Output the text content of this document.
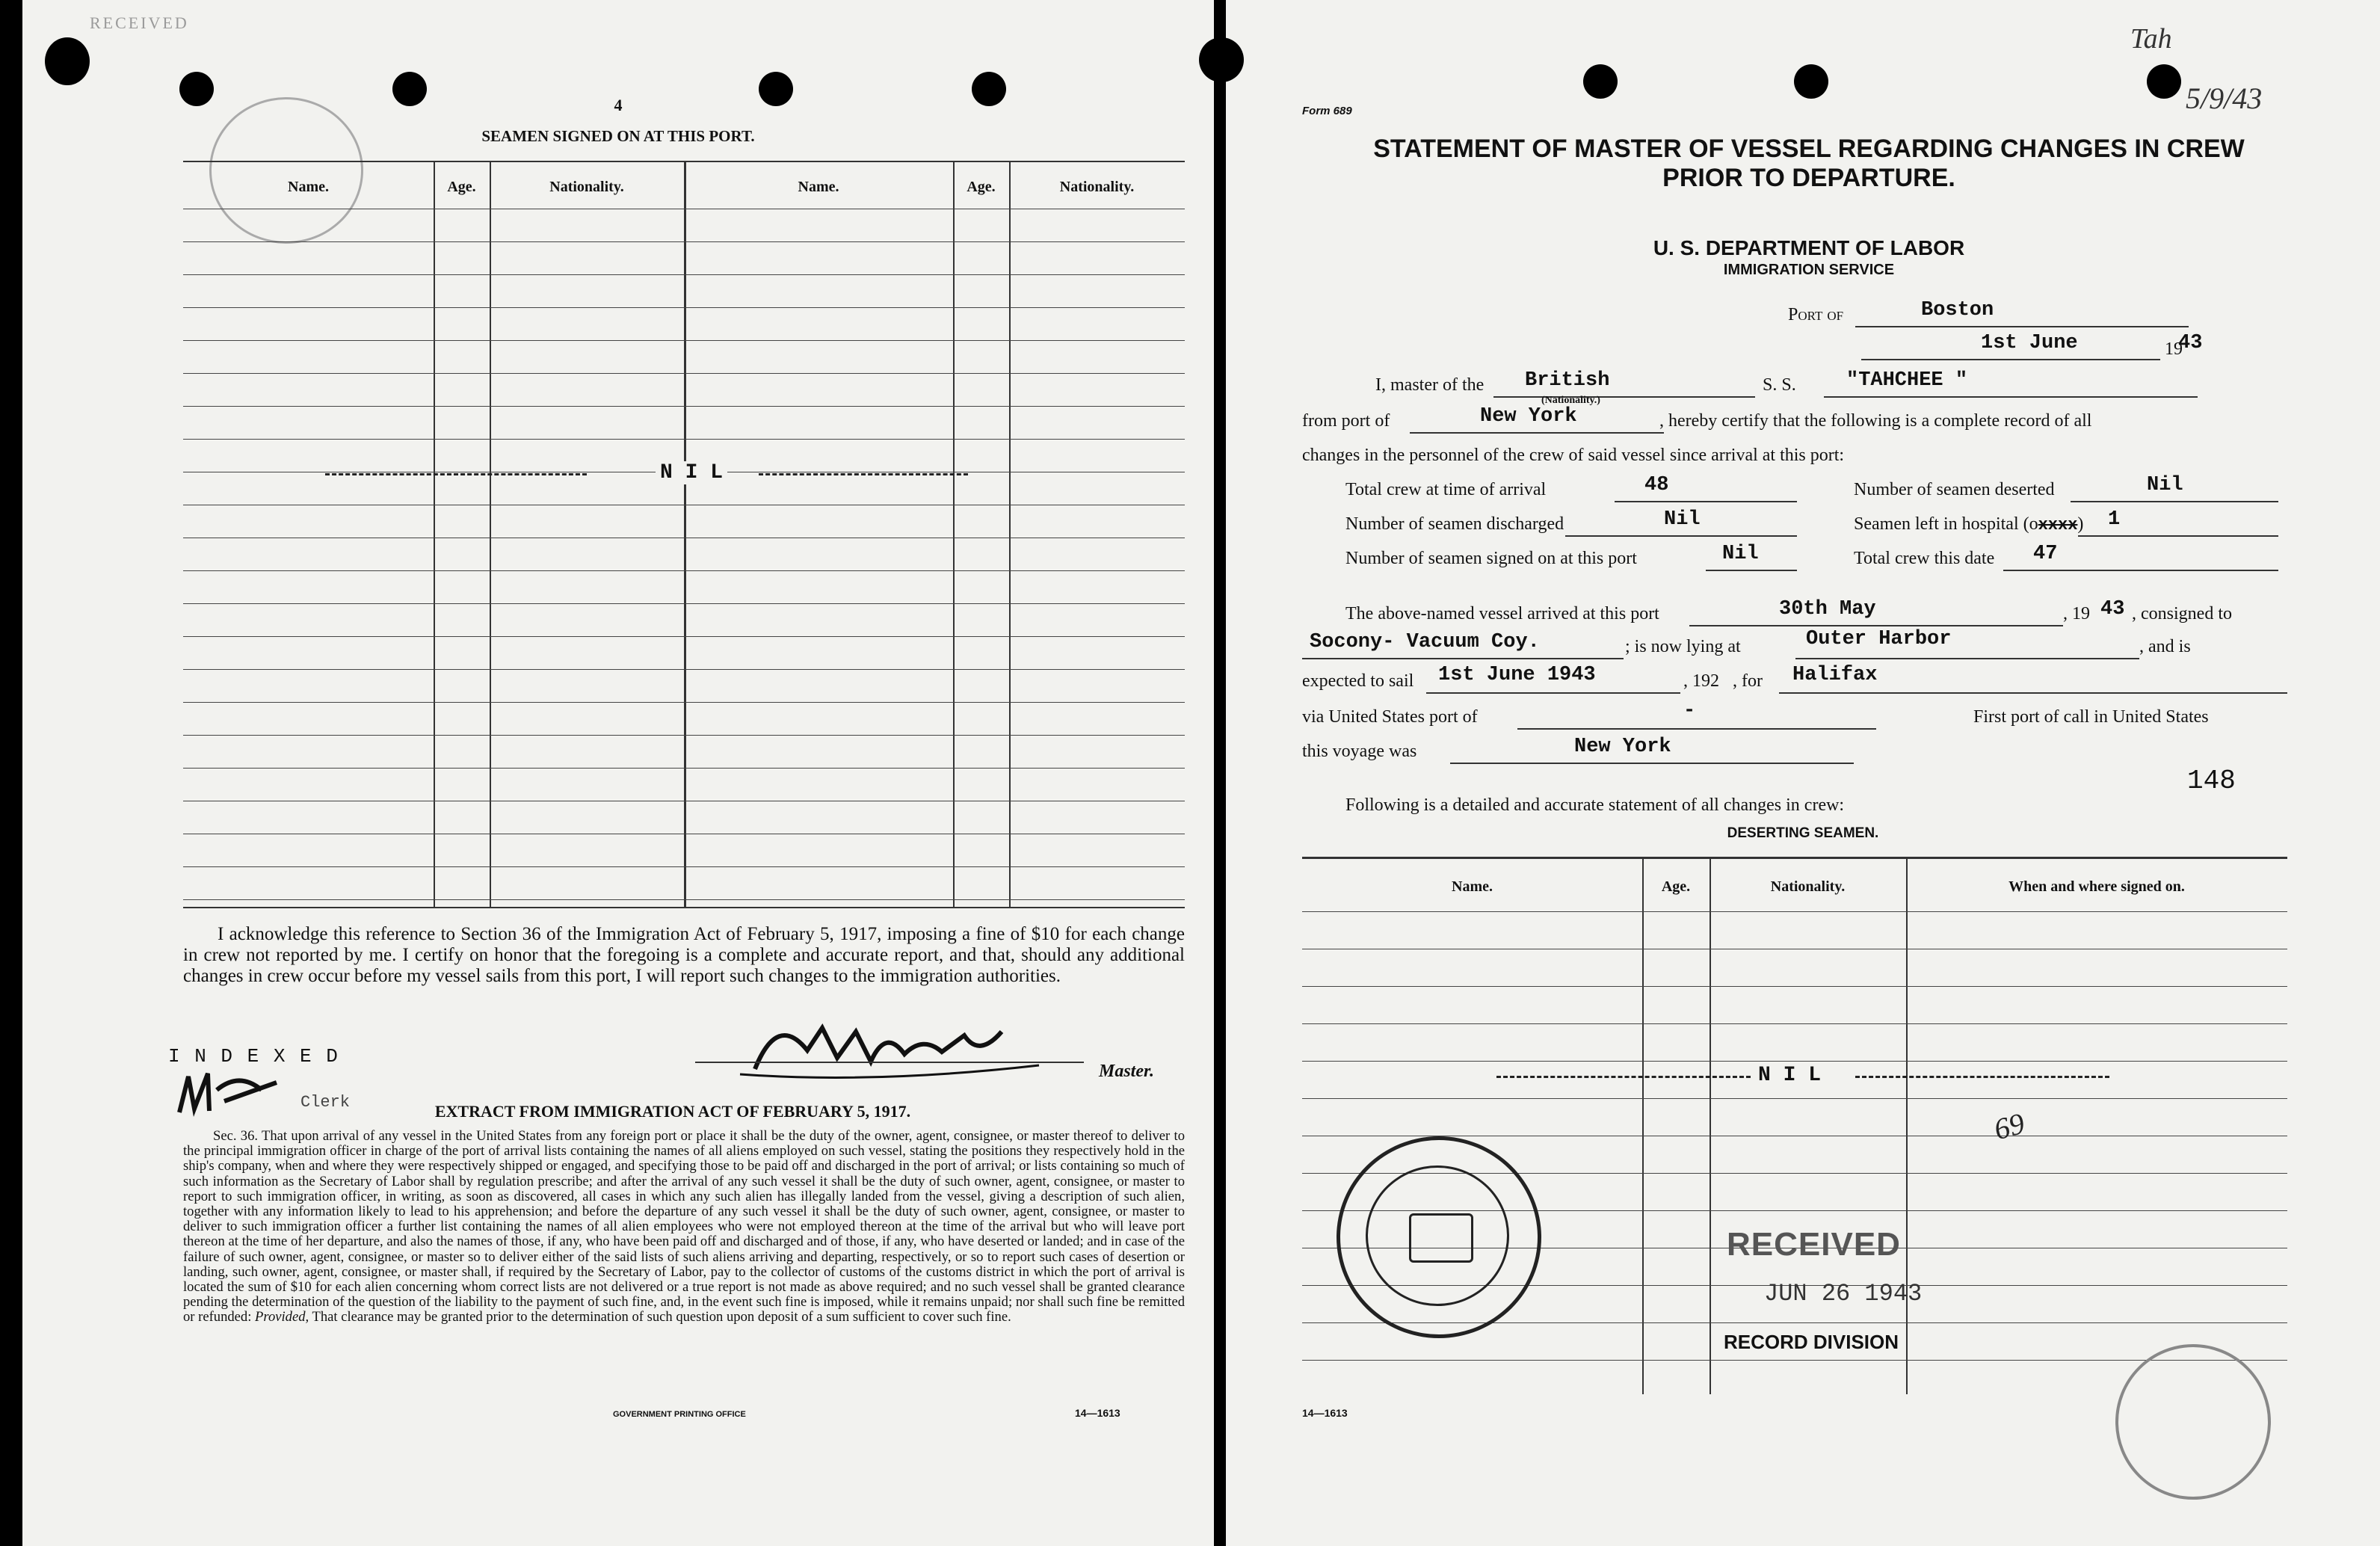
RECEIVED
4
SEAMEN SIGNED ON AT THIS PORT.
Name.	Age.	Nationality.	Name.	Age.	Nationality.
N I L
I acknowledge this reference to Section 36 of the Immigration Act of February 5, 1917, imposing a fine of $10 for each change in crew not reported by me. I certify on honor that the foregoing is a complete and accurate report, and that, should any additional changes in crew occur before my vessel sails from this port, I will report such changes to the immigration authorities.
I N D E X E D
Clerk
Master.
EXTRACT FROM IMMIGRATION ACT OF FEBRUARY 5, 1917.
Sec. 36. That upon arrival of any vessel in the United States from any foreign port or place it shall be the duty of the owner, agent, consignee, or master thereof to deliver to the principal immigration officer in charge of the port of arrival lists containing the names of all aliens employed on such vessel, stating the positions they respectively hold in the ship's company, when and where they were respectively shipped or engaged, and specifying those to be paid off and discharged in the port of arrival; or lists containing so much of such information as the Secretary of Labor shall by regulation prescribe; and after the arrival of any such vessel it shall be the duty of such owner, agent, consignee, or master to report to such immigration officer, in writing, as soon as discovered, all cases in which any such alien has illegally landed from the vessel, giving a description of such alien, together with any information likely to lead to his apprehension; and before the departure of any such vessel it shall be the duty of such owner, agent, consignee, or master to deliver to such immigration officer a further list containing the names of all alien employees who were not employed thereon at the time of the arrival but who will leave port thereon at the time of her departure, and also the names of those, if any, who have been paid off and discharged and of those, if any, who have deserted or landed; and in case of the failure of such owner, agent, consignee, or master so to deliver either of the said lists of such aliens arriving and departing, respectively, or so to report such cases of desertion or landing, such owner, agent, consignee, or master shall, if required by the Secretary of Labor, pay to the collector of customs of the customs district in which the port of arrival is located the sum of $10 for each alien concerning whom correct lists are not delivered or a true report is not made as above required; and no such vessel shall be granted clearance pending the determination of the question of the liability to the payment of such fine, and, in the event such fine is imposed, while it remains unpaid; nor shall such fine be remitted or refunded: Provided, That clearance may be granted prior to the determination of such question upon deposit of a sum sufficient to cover such fine.
GOVERNMENT PRINTING OFFICE	14—1613
Tah
5/9/43
Form 689
STATEMENT OF MASTER OF VESSEL REGARDING CHANGES IN CREW
PRIOR TO DEPARTURE.
U. S. DEPARTMENT OF LABOR
IMMIGRATION SERVICE
Port of	Boston
1st June	19
43
I, master of the British
(Nationality.)
S. S. "TAHCHEE "
from port of	New York	, hereby certify that the following is a complete record of all
changes in the personnel of the crew of said vessel since arrival at this port:
Total crew at time of arrival	48	Number of seamen deserted	Nil
Number of seamen discharged	Nil	Seamen left in hospital (oxxxx) 1
Number of seamen signed on at this port	Nil	Total crew this date 47
The above-named vessel arrived at this port	30th May	, 19 43 , consigned to
Socony- Vacuum Coy.	; is now lying at	Outer Harbor	, and is
expected to sail 1st June 1943	, 192 , for Halifax
via United States port of	-	First port of call in United States
this voyage was	New York
148
Following is a detailed and accurate statement of all changes in crew:
DESERTING SEAMEN.
Name.	Age.	Nationality.	When and where signed on.
N I L
69
RECEIVED
JUN 26 1943
RECORD DIVISION
14—1613
